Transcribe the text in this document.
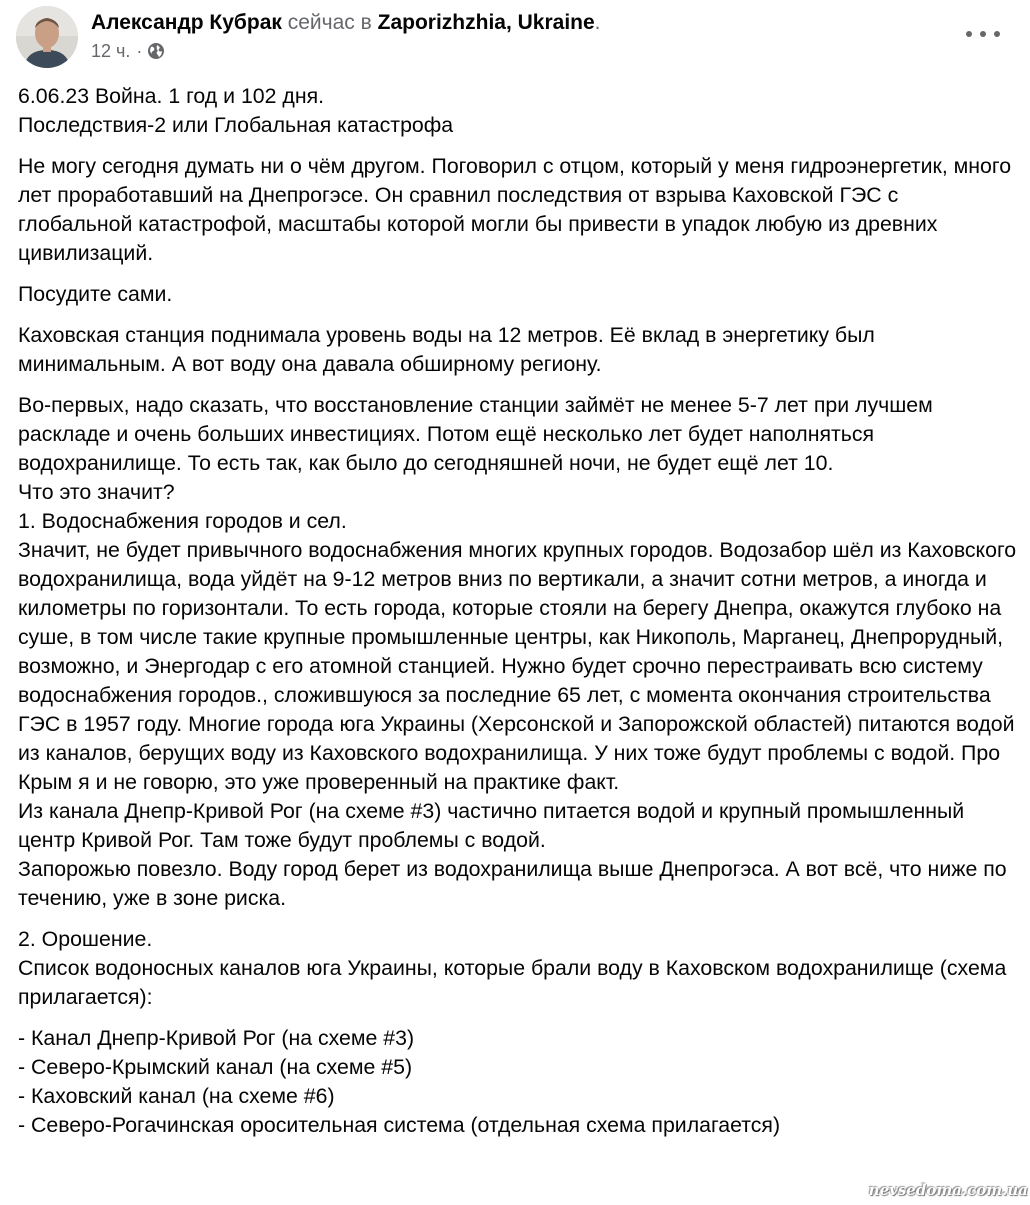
Александр Кубрак сейчас в Zaporizhzhia, Ukraine.
12 ч. ·

6.06.23 Война. 1 год и 102 дня.
Последствия-2 или Глобальная катастрофа

Не могу сегодня думать ни о чём другом. Поговорил с отцом, который у меня гидроэнергетик, много лет проработавший на Днепрогэсе. Он сравнил последствия от взрыва Каховской ГЭС с глобальной катастрофой, масштабы которой могли бы привести в упадок любую из древних цивилизаций.

Посудите сами.

Каховская станция поднимала уровень воды на 12 метров. Её вклад в энергетику был минимальным. А вот воду она давала обширному региону.

Во-первых, надо сказать, что восстановление станции займёт не менее 5-7 лет при лучшем раскладе и очень больших инвестициях. Потом ещё несколько лет будет наполняться водохранилище. То есть так, как было до сегодняшней ночи, не будет ещё лет 10.
Что это значит?
1. Водоснабжения городов и сел.
Значит, не будет привычного водоснабжения многих крупных городов. Водозабор шёл из Каховского водохранилища, вода уйдёт на 9-12 метров вниз по вертикали, а значит сотни метров, а иногда и километры по горизонтали. То есть города, которые стояли на берегу Днепра, окажутся глубоко на суше, в том числе такие крупные промышленные центры, как Никополь, Марганец, Днепрорудный, возможно, и Энергодар с его атомной станцией. Нужно будет срочно перестраивать всю систему водоснабжения городов., сложившуюся за последние 65 лет, с момента окончания строительства ГЭС в 1957 году. Многие города юга Украины (Херсонской и Запорожской областей) питаются водой из каналов, берущих воду из Каховского водохранилища. У них тоже будут проблемы с водой. Про Крым я и не говорю, это уже проверенный на практике факт.
Из канала Днепр-Кривой Рог (на схеме #3) частично питается водой и крупный промышленный центр Кривой Рог. Там тоже будут проблемы с водой.
Запорожью повезло. Воду город берет из водохранилища выше Днепрогэса. А вот всё, что ниже по течению, уже в зоне риска.

2. Орошение.
Список водоносных каналов юга Украины, которые брали воду в Каховском водохранилище (схема прилагается):

- Канал Днепр-Кривой Рог (на схеме #3)
- Северо-Крымский канал (на схеме #5)
- Каховский канал (на схеме #6)
- Северо-Рогачинская оросительная система (отдельная схема прилагается)

nevsedoma.com.ua
